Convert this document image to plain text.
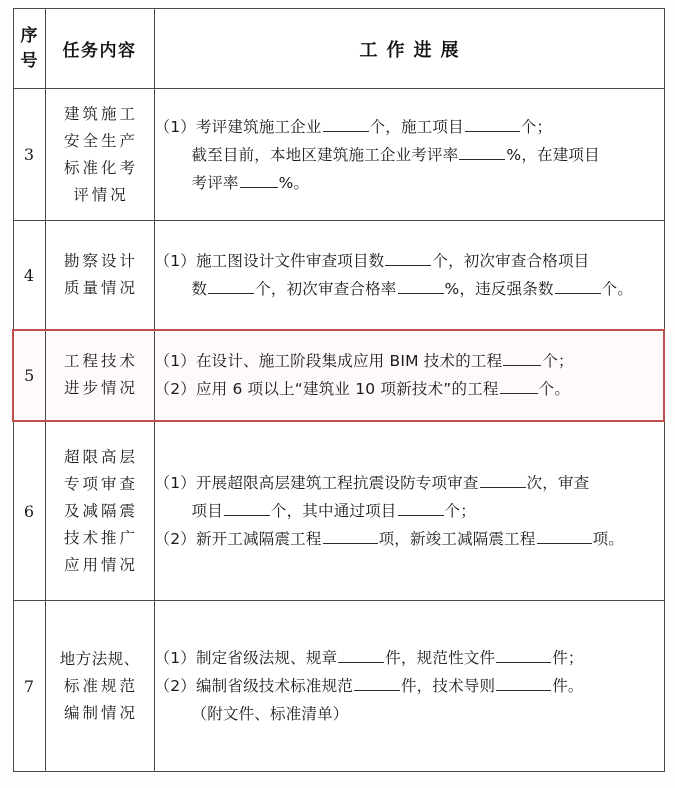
序
号	任务内容	工作进展
3	建筑施工
安全生产
标准化考
评情况	（1）考评建筑施工企业 个，施工项目 个；
截至目前，本地区建筑施工企业考评率 %，在建项目
考评率 %。

4	勘察设计
质量情况	（1）施工图设计文件审查项目数 个，初次审查合格项目
数 个，初次审查合格率 %，违反强条数 个。

5	工程技术
进步情况	（1）在设计、施工阶段集成应用 BIM 技术的工程 个；
（2）应用 6 项以上“建筑业 10 项新技术”的工程 个。

6	超限高层
专项审查
及减隔震
技术推广
应用情况	（1）开展超限高层建筑工程抗震设防专项审查 次，审查
项目 个，其中通过项目 个；
（2）新开工减隔震工程 项，新竣工减隔震工程 项。

7	地方法规、
标准规范
编制情况	（1）制定省级法规、规章 件，规范性文件 件；
（2）编制省级技术标准规范 件，技术导则 件。
（附文件、标准清单）
